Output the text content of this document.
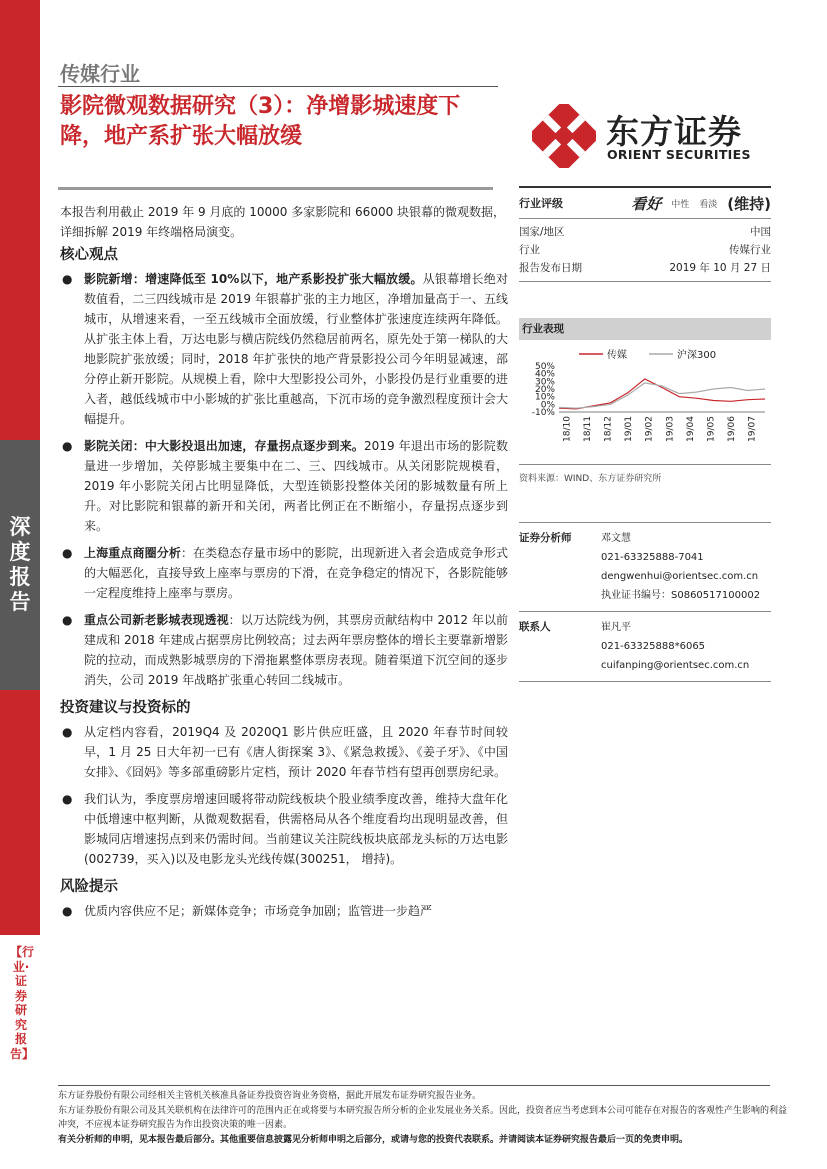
深度报告
【行业·证券研究报告】
传媒行业
影院微观数据研究（3）：净增影城速度下降，地产系扩张大幅放缓	东方证券
ORIENT SECURITIES

本报告利用截止 2019 年 9 月底的 10000 多家影院和 66000 块银幕的微观数据，详细拆解 2019 年终端格局演变。

核心观点
● 影院新增：增速降低至 10%以下，地产系影投扩张大幅放缓。从银幕增长绝对数值看，二三四线城市是 2019 年银幕扩张的主力地区，净增加量高于一、五线城市，从增速来看，一至五线城市全面放缓，行业整体扩张速度连续两年降低。从扩张主体上看，万达电影与横店院线仍然稳居前两名，原先处于第一梯队的大地影院扩张放缓；同时，2018 年扩张快的地产背景影投公司今年明显减速，部分停止新开影院。从规模上看，除中大型影投公司外，小影投仍是行业重要的进入者，越低线城市中小影城的扩张比重越高，下沉市场的竞争激烈程度预计会大幅提升。
● 影院关闭：中大影投退出加速，存量拐点逐步到来。2019 年退出市场的影院数量进一步增加，关停影城主要集中在二、三、四线城市。从关闭影院规模看，2019 年小影院关闭占比明显降低，大型连锁影投整体关闭的影城数量有所上升。对比影院和银幕的新开和关闭，两者比例正在不断缩小，存量拐点逐步到来。
● 上海重点商圈分析：在类稳态存量市场中的影院，出现新进入者会造成竞争形式的大幅恶化，直接导致上座率与票房的下滑，在竞争稳定的情况下，各影院能够一定程度维持上座率与票房。
● 重点公司新老影城表现透视：以万达院线为例，其票房贡献结构中 2012 年以前建成和 2018 年建成占据票房比例较高；过去两年票房整体的增长主要靠新增影院的拉动，而成熟影城票房的下滑拖累整体票房表现。随着渠道下沉空间的逐步消失，公司 2019 年战略扩张重心转回二线城市。
投资建议与投资标的
● 从定档内容看，2019Q4 及 2020Q1 影片供应旺盛，且 2020 年春节时间较早，1 月 25 日大年初一已有《唐人街探案 3》、《紧急救援》、《姜子牙》、《中国女排》、《囧妈》等多部重磅影片定档，预计 2020 年春节档有望再创票房纪录。
● 我们认为，季度票房增速回暖将带动院线板块个股业绩季度改善，维持大盘年化中低增速中枢判断，从微观数据看，供需格局从各个维度看均出现明显改善，但影城同店增速拐点到来仍需时间。当前建议关注院线板块底部龙头标的万达电影(002739，买入)以及电影龙头光线传媒(300251， 增持)。
风险提示
● 优质内容供应不足；新媒体竞争；市场竞争加剧；监管进一步趋严
行业评级	看好 中性 看淡 (维持)
国家/地区	中国
行业	传媒行业
报告发布日期	2019 年 10 月 27 日
行业表现
传媒	沪深300
50%
40%
30%
20%
10%
0%
-10%
18/10 18/11 18/12 19/01 19/02 19/03 19/04 19/05 19/06 19/07
资料来源：WIND、东方证券研究所
证券分析师	邓文慧
021-63325888-7041
dengwenhui@orientsec.com.cn
执业证书编号：S0860517100002
联系人	崔凡平
021-63325888*6065
cuifanping@orientsec.com.cn
东方证券股份有限公司经相关主管机关核准具备证券投资咨询业务资格，据此开展发布证券研究报告业务。
东方证券股份有限公司及其关联机构在法律许可的范围内正在或将要与本研究报告所分析的企业发展业务关系。因此，投资者应当考虑到本公司可能存在对报告的客观性产生影响的利益冲突，不应视本证券研究报告为作出投资决策的唯一因素。
有关分析师的申明，见本报告最后部分。其他重要信息披露见分析师申明之后部分，或请与您的投资代表联系。并请阅读本证券研究报告最后一页的免责申明。
